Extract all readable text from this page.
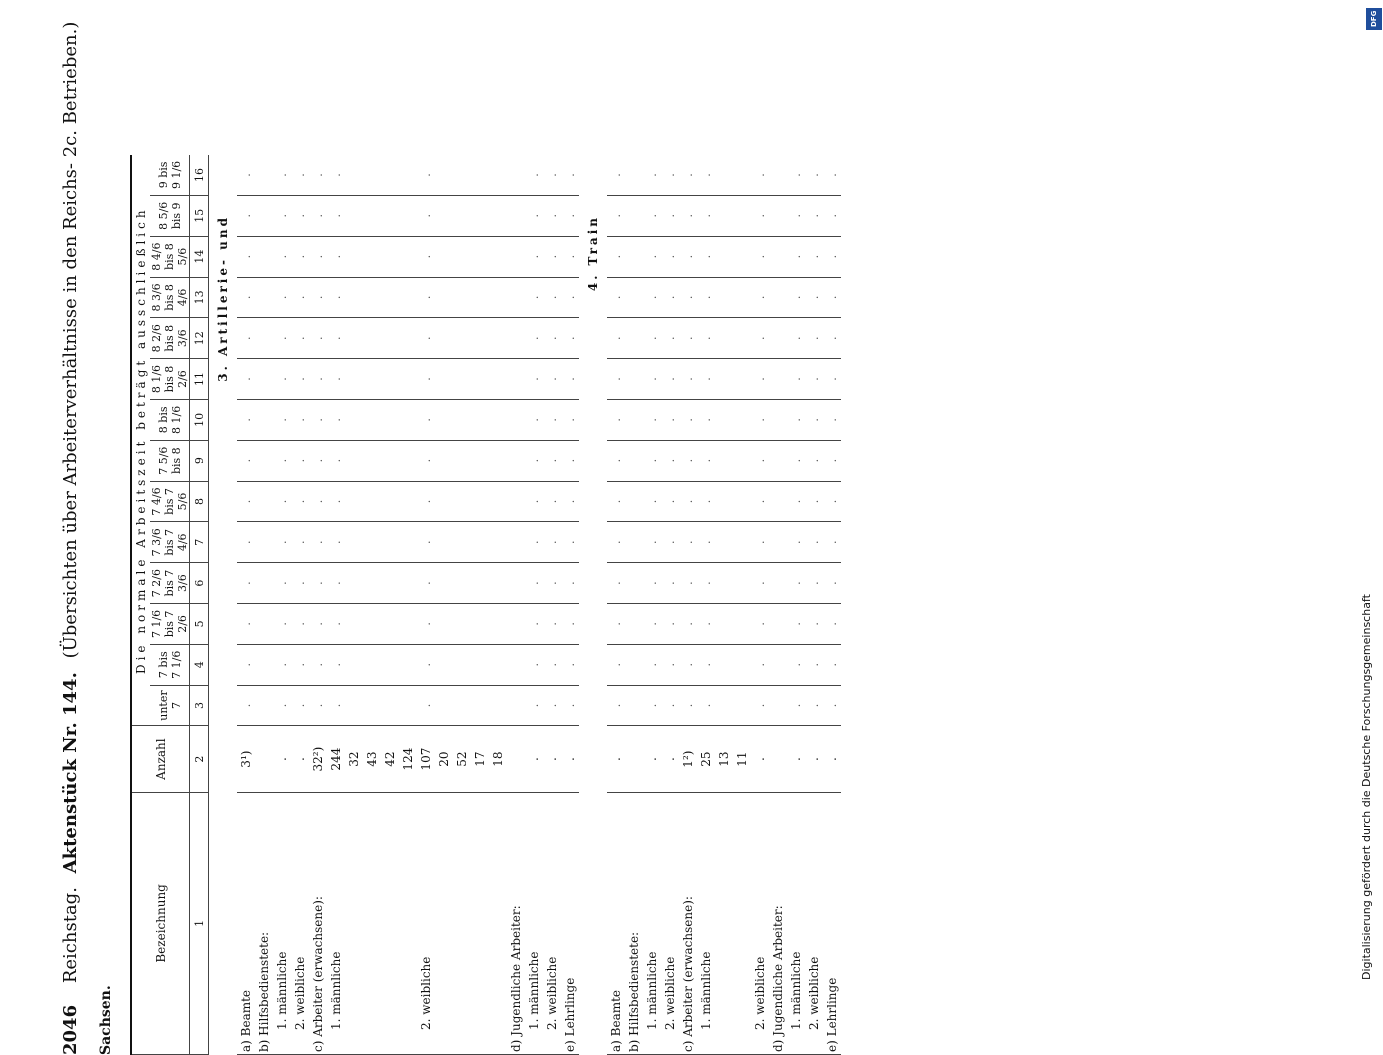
2046 Reichstag. Aktenstück Nr. 144. (Übersichten über Arbeiterverhältnisse in den Reichs- 2c. Betrieben.)
Sachsen.
Bezeichnung	Anzahl	Die normale Arbeitszeit beträgt ausschließlich													
		unter 7	7 bis 7 1/6	7 1/6 bis 7 2/6	7 2/6 bis 7 3/6	7 3/6 bis 7 4/6	7 4/6 bis 7 5/6	7 5/6 bis 8	8 bis 8 1/6	8 1/6 bis 8 2/6	8 2/6 bis 8 3/6	8 3/6 bis 8 4/6	8 4/6 bis 8 5/6	8 5/6 bis 9	9 bis 9 1/6
1	2	3	4	5	6	7	8	9	10	11	12	13	14	15	16
3. Artillerie- und															
a) Beamte	3¹)	.	.	.	.	.	.	.	.	.	.	.	.	.	.
b) Hilfsbedienstete:															
1. männliche	.	.	.	.	.	.	.	.	.	.	.	.	.	.	.
2. weibliche	.	.	.	.	.	.	.	.	.	.	.	.	.	.	.
c) Arbeiter (erwachsene):	32²)	.	.	.	.	.	.	.	.	.	.	.	.	.	.
1. männliche	244	.	.	.	.	.	.	.	.	.	.	.	.	.	.
	32														
	43														
	42														
	124														
2. weibliche	107	.	.	.	.	.	.	.	.	.	.	.	.	.	.
	20														
	52														
	17														
	18														
d) Jugendliche Arbeiter:															
1. männliche	.	.	.	.	.	.	.	.	.	.	.	.	.	.	.
2. weibliche	.	.	.	.	.	.	.	.	.	.	.	.	.	.	.
e) Lehrlinge	.	.	.	.	.	.	.	.	.	.	.	.	.	.	.
4. Train															
a) Beamte	.	.	.	.	.	.	.	.	.	.	.	.	.	.	.
b) Hilfsbedienstete:															
1. männliche	.	.	.	.	.	.	.	.	.	.	.	.	.	.	.
2. weibliche	.	.	.	.	.	.	.	.	.	.	.	.	.	.	.
c) Arbeiter (erwachsene):	1²)	.	.	.	.	.	.	.	.	.	.	.	.	.	.
1. männliche	25	.	.	.	.	.	.	.	.	.	.	.	.	.	.
	13														
	11														
2. weibliche	.	.	.	.	.	.	.	.	.	.	.	.	.	.	.
d) Jugendliche Arbeiter:															
1. männliche	.	.	.	.	.	.	.	.	.	.	.	.	.	.	.
2. weibliche	.	.	.	.	.	.	.	.	.	.	.	.	.	.	.
e) Lehrlinge	.	.	.	.	.	.	.	.	.	.	.	.	.	.	.
DFG
Digitalisierung gefördert durch die Deutsche Forschungsgemeinschaft
